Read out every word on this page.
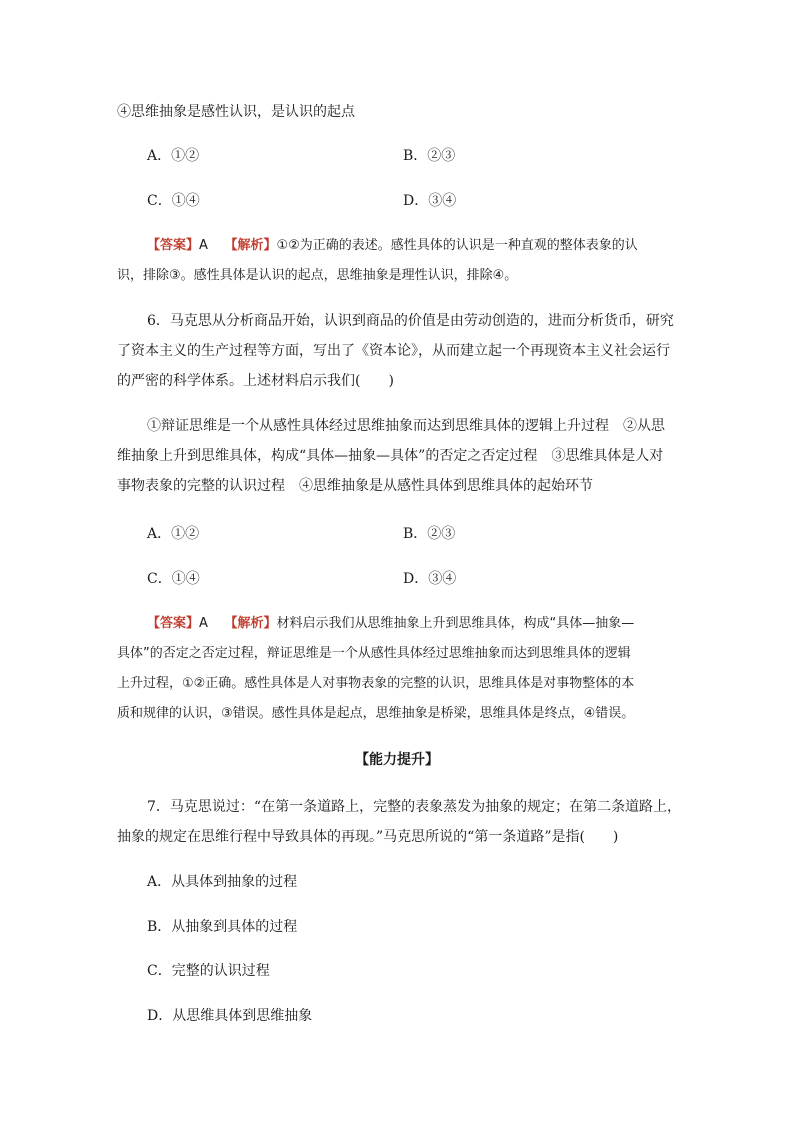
④思维抽象是感性认识，是认识的起点
A．①②	B．②③
C．①④	D．③④
【答案】A 【解析】①②为正确的表述。感性具体的认识是一种直观的整体表象的认
识，排除③。感性具体是认识的起点，思维抽象是理性认识，排除④。
6．马克思从分析商品开始，认识到商品的价值是由劳动创造的，进而分析货币，研究
了资本主义的生产过程等方面，写出了《资本论》，从而建立起一个再现资本主义社会运行
的严密的科学体系。上述材料启示我们(　　)
①辩证思维是一个从感性具体经过思维抽象而达到思维具体的逻辑上升过程　②从思
维抽象上升到思维具体，构成“具体—抽象—具体”的否定之否定过程　③思维具体是人对
事物表象的完整的认识过程　④思维抽象是从感性具体到思维具体的起始环节
A．①②	B．②③
C．①④	D．③④
【答案】A 【解析】材料启示我们从思维抽象上升到思维具体，构成“具体—抽象—
具体”的否定之否定过程，辩证思维是一个从感性具体经过思维抽象而达到思维具体的逻辑
上升过程，①②正确。感性具体是人对事物表象的完整的认识，思维具体是对事物整体的本
质和规律的认识，③错误。感性具体是起点，思维抽象是桥梁，思维具体是终点，④错误。
【能力提升】
7．马克思说过：“在第一条道路上，完整的表象蒸发为抽象的规定；在第二条道路上，
抽象的规定在思维行程中导致具体的再现。”马克思所说的“第一条道路”是指(　　)
A．从具体到抽象的过程
B．从抽象到具体的过程
C．完整的认识过程
D．从思维具体到思维抽象
